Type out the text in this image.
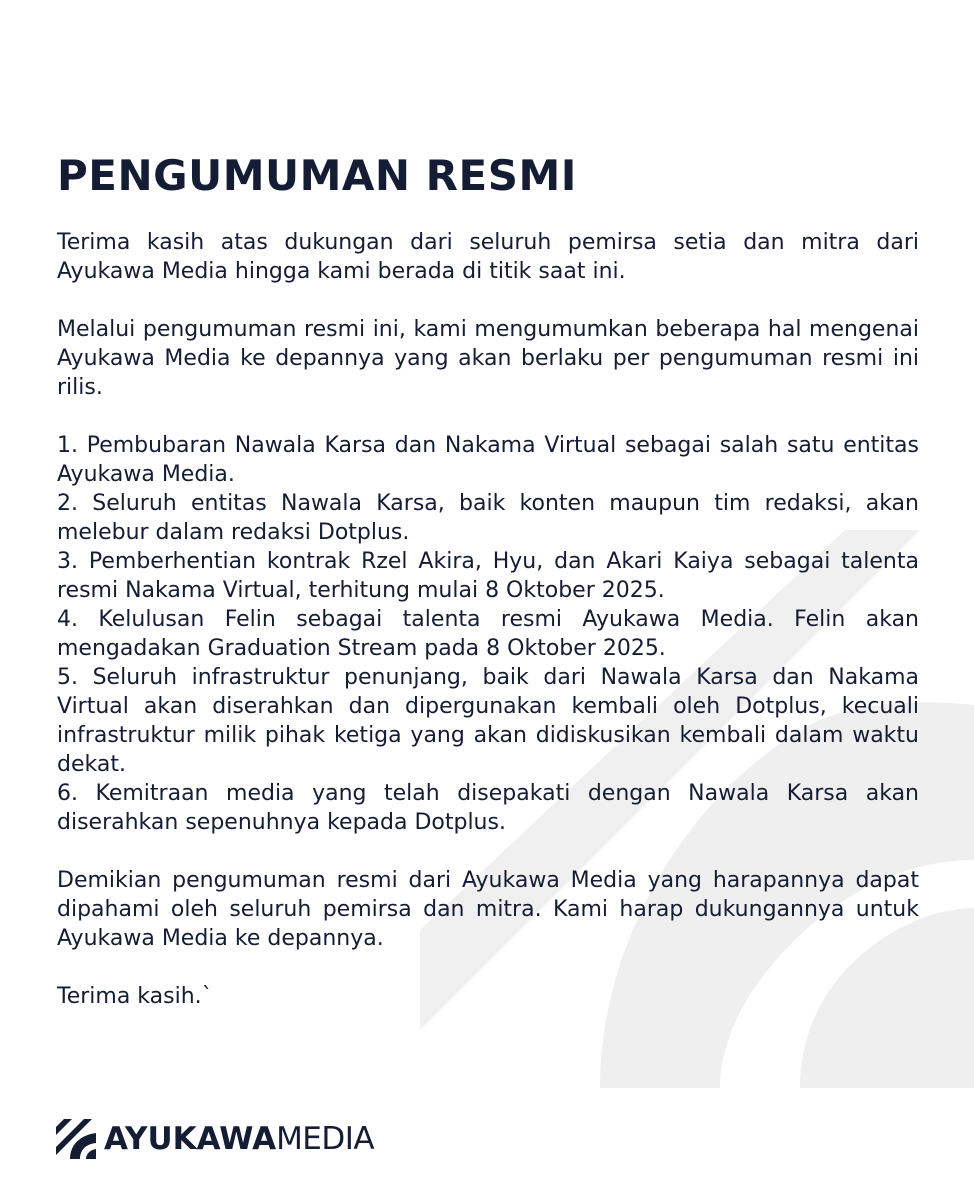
PENGUMUMAN RESMI

Terima kasih atas dukungan dari seluruh pemirsa setia dan mitra dari Ayukawa Media hingga kami berada di titik saat ini.

Melalui pengumuman resmi ini, kami mengumumkan beberapa hal mengenai Ayukawa Media ke depannya yang akan berlaku per pengumuman resmi ini rilis.

1. Pembubaran Nawala Karsa dan Nakama Virtual sebagai salah satu entitas Ayukawa Media.
2. Seluruh entitas Nawala Karsa, baik konten maupun tim redaksi, akan melebur dalam redaksi Dotplus.
3. Pemberhentian kontrak Rzel Akira, Hyu, dan Akari Kaiya sebagai talenta resmi Nakama Virtual, terhitung mulai 8 Oktober 2025.
4. Kelulusan Felin sebagai talenta resmi Ayukawa Media. Felin akan mengadakan Graduation Stream pada 8 Oktober 2025.
5. Seluruh infrastruktur penunjang, baik dari Nawala Karsa dan Nakama Virtual akan diserahkan dan dipergunakan kembali oleh Dotplus, kecuali infrastruktur milik pihak ketiga yang akan didiskusikan kembali dalam waktu dekat.
6. Kemitraan media yang telah disepakati dengan Nawala Karsa akan diserahkan sepenuhnya kepada Dotplus.

Demikian pengumuman resmi dari Ayukawa Media yang harapannya dapat dipahami oleh seluruh pemirsa dan mitra. Kami harap dukungannya untuk Ayukawa Media ke depannya.

Terima kasih.`

AYUKAWA MEDIA
